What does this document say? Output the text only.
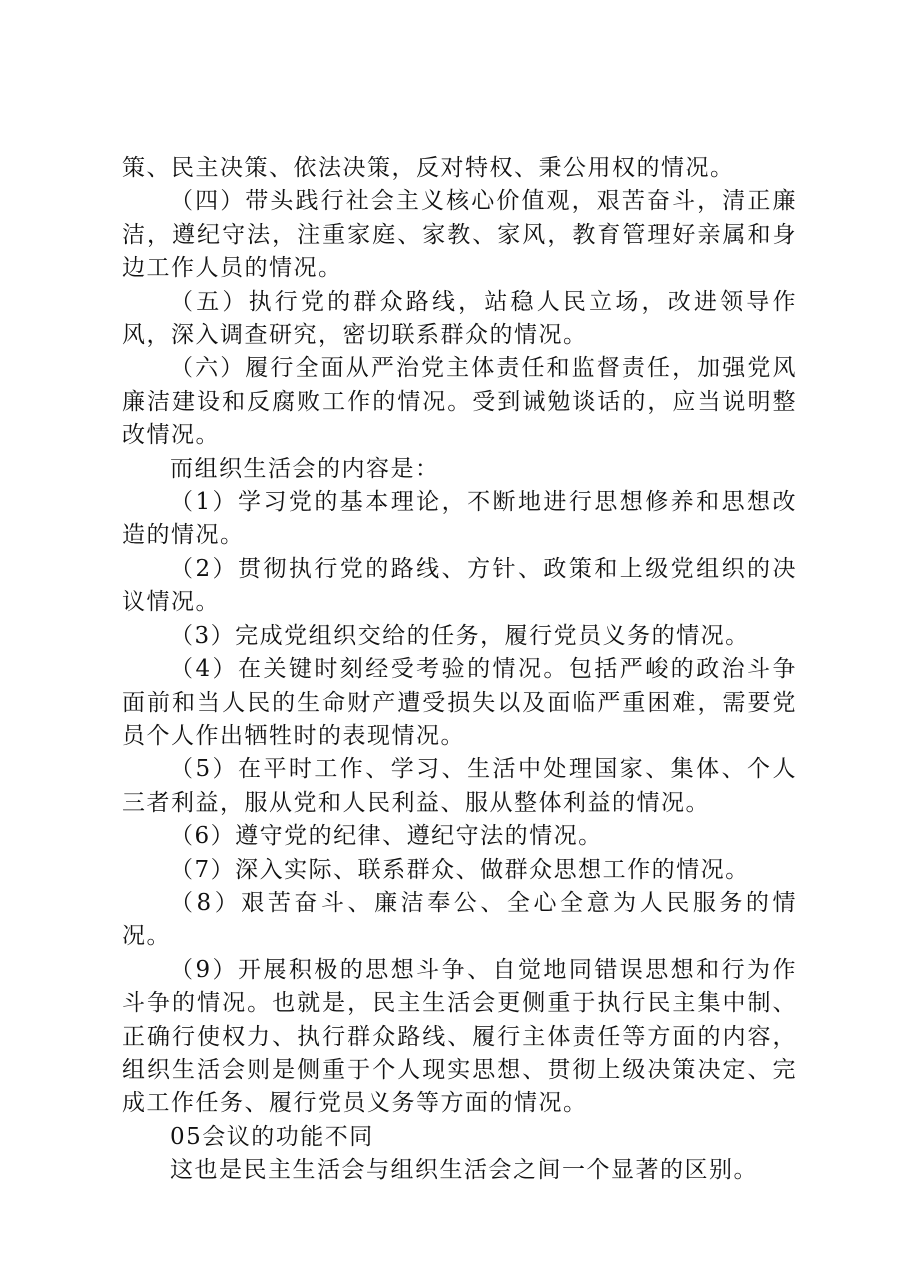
策、民主决策、依法决策，反对特权、秉公用权的情况。

（四）带头践行社会主义核心价值观，艰苦奋斗，清正廉洁，遵纪守法，注重家庭、家教、家风，教育管理好亲属和身边工作人员的情况。

（五）执行党的群众路线，站稳人民立场，改进领导作风，深入调查研究，密切联系群众的情况。

（六）履行全面从严治党主体责任和监督责任，加强党风廉洁建设和反腐败工作的情况。受到诫勉谈话的，应当说明整改情况。

而组织生活会的内容是：

（1）学习党的基本理论，不断地进行思想修养和思想改造的情况。

（2）贯彻执行党的路线、方针、政策和上级党组织的决议情况。

（3）完成党组织交给的任务，履行党员义务的情况。

（4）在关键时刻经受考验的情况。包括严峻的政治斗争面前和当人民的生命财产遭受损失以及面临严重困难，需要党员个人作出牺牲时的表现情况。

（5）在平时工作、学习、生活中处理国家、集体、个人三者利益，服从党和人民利益、服从整体利益的情况。

（6）遵守党的纪律、遵纪守法的情况。

（7）深入实际、联系群众、做群众思想工作的情况。

（8）艰苦奋斗、廉洁奉公、全心全意为人民服务的情况。

（9）开展积极的思想斗争、自觉地同错误思想和行为作斗争的情况。也就是，民主生活会更侧重于执行民主集中制、正确行使权力、执行群众路线、履行主体责任等方面的内容，组织生活会则是侧重于个人现实思想、贯彻上级决策决定、完成工作任务、履行党员义务等方面的情况。

05会议的功能不同

这也是民主生活会与组织生活会之间一个显著的区别。
